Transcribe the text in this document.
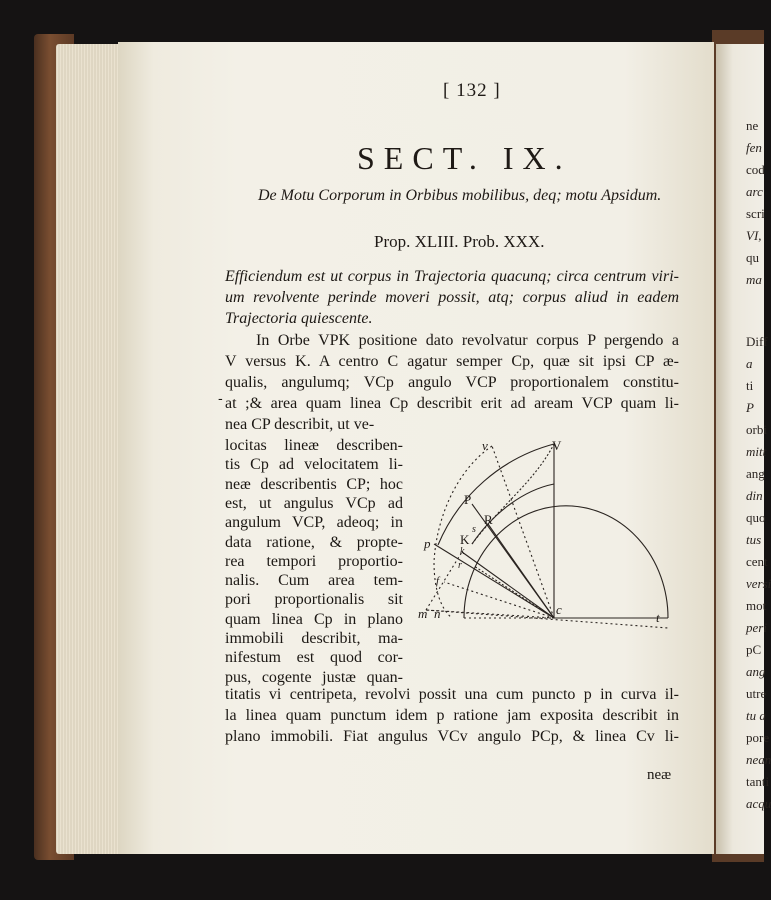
ne
fen
cod
arc
scri
VI,
qu
ma
Diff
a
ti
P
orbi
mitt
ang
din
quo
tus
cent
versi
mot
peri
pC
ang
utre
tu a
pore
nean
tanti
acqu
[ 132 ]
SECT. IX.
De Motu Corporum in Orbibus mobilibus, deq; motu Apsidum.
Prop. XLIII. Prob. XXX.
Efficiendum est ut corpus in Trajectoria quacunq; circa centrum viri-
um revolvente perinde moveri possit, atq; corpus aliud in eadem
Trajectoria quiescente.
In Orbe VPK positione dato revolvatur corpus P pergendo a
V versus K. A centro C agatur semper Cp, quæ sit ipsi CP æ-
qualis, angulumq; VCp angulo VCP proportionalem constitu-
at ;& area quam linea Cp describit erit ad aream VCP quam li-
nea CP describit, ut ve-
-
locitas lineæ describen-
tis Cp ad velocitatem li-
neæ describentis CP; hoc
est, ut angulus VCp ad
angulum VCP, adeoq; in
data ratione, & propte-
rea tempori proportio-
nalis. Cum area tem-
pori proportionalis sit
quam linea Cp in plano
immobili describit, ma-
nifestum est quod cor-
pus, cogente justæ quan-
titatis vi centripeta, revolvi possit una cum puncto p in curva il-
la linea quam punctum idem p ratione jam exposita describit in
plano immobili. Fiat angulus VCv angulo PCp, & linea Cv li-
neæ
v	V
P
R
K
s
p
k
r
f
m n	c
t
